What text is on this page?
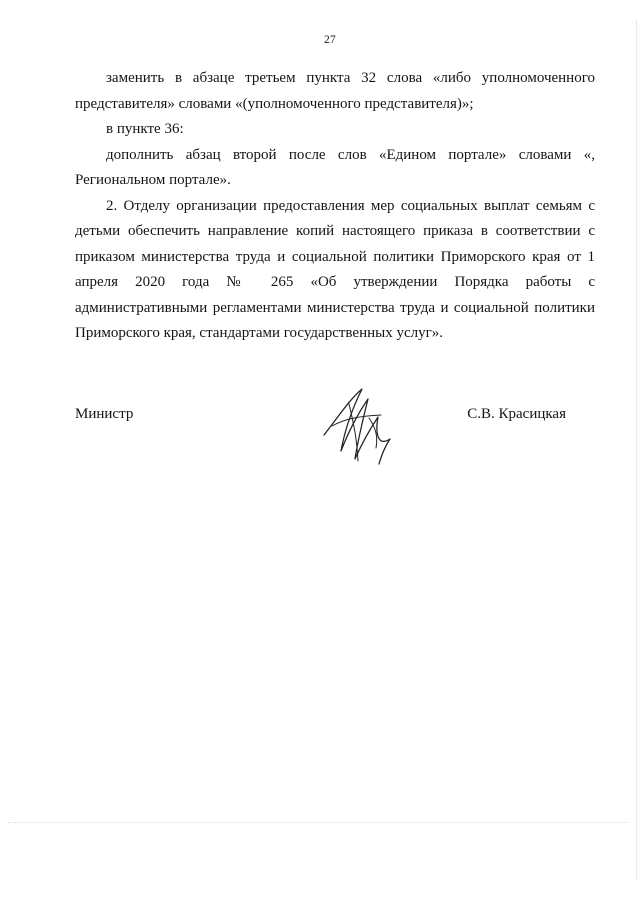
27

заменить в абзаце третьем пункта 32 слова «либо уполномоченного представителя» словами «(уполномоченного представителя)»;

в пункте 36:

дополнить абзац второй после слов «Едином портале» словами «, Региональном портале».

2. Отделу организации предоставления мер социальных выплат семьям с детьми обеспечить направление копий настоящего приказа в соответствии с приказом министерства труда и социальной политики Приморского края от 1 апреля 2020 года № 265 «Об утверждении Порядка работы с административными регламентами министерства труда и социальной политики Приморского края, стандартами государственных услуг».

Министр	С.В. Красицкая
